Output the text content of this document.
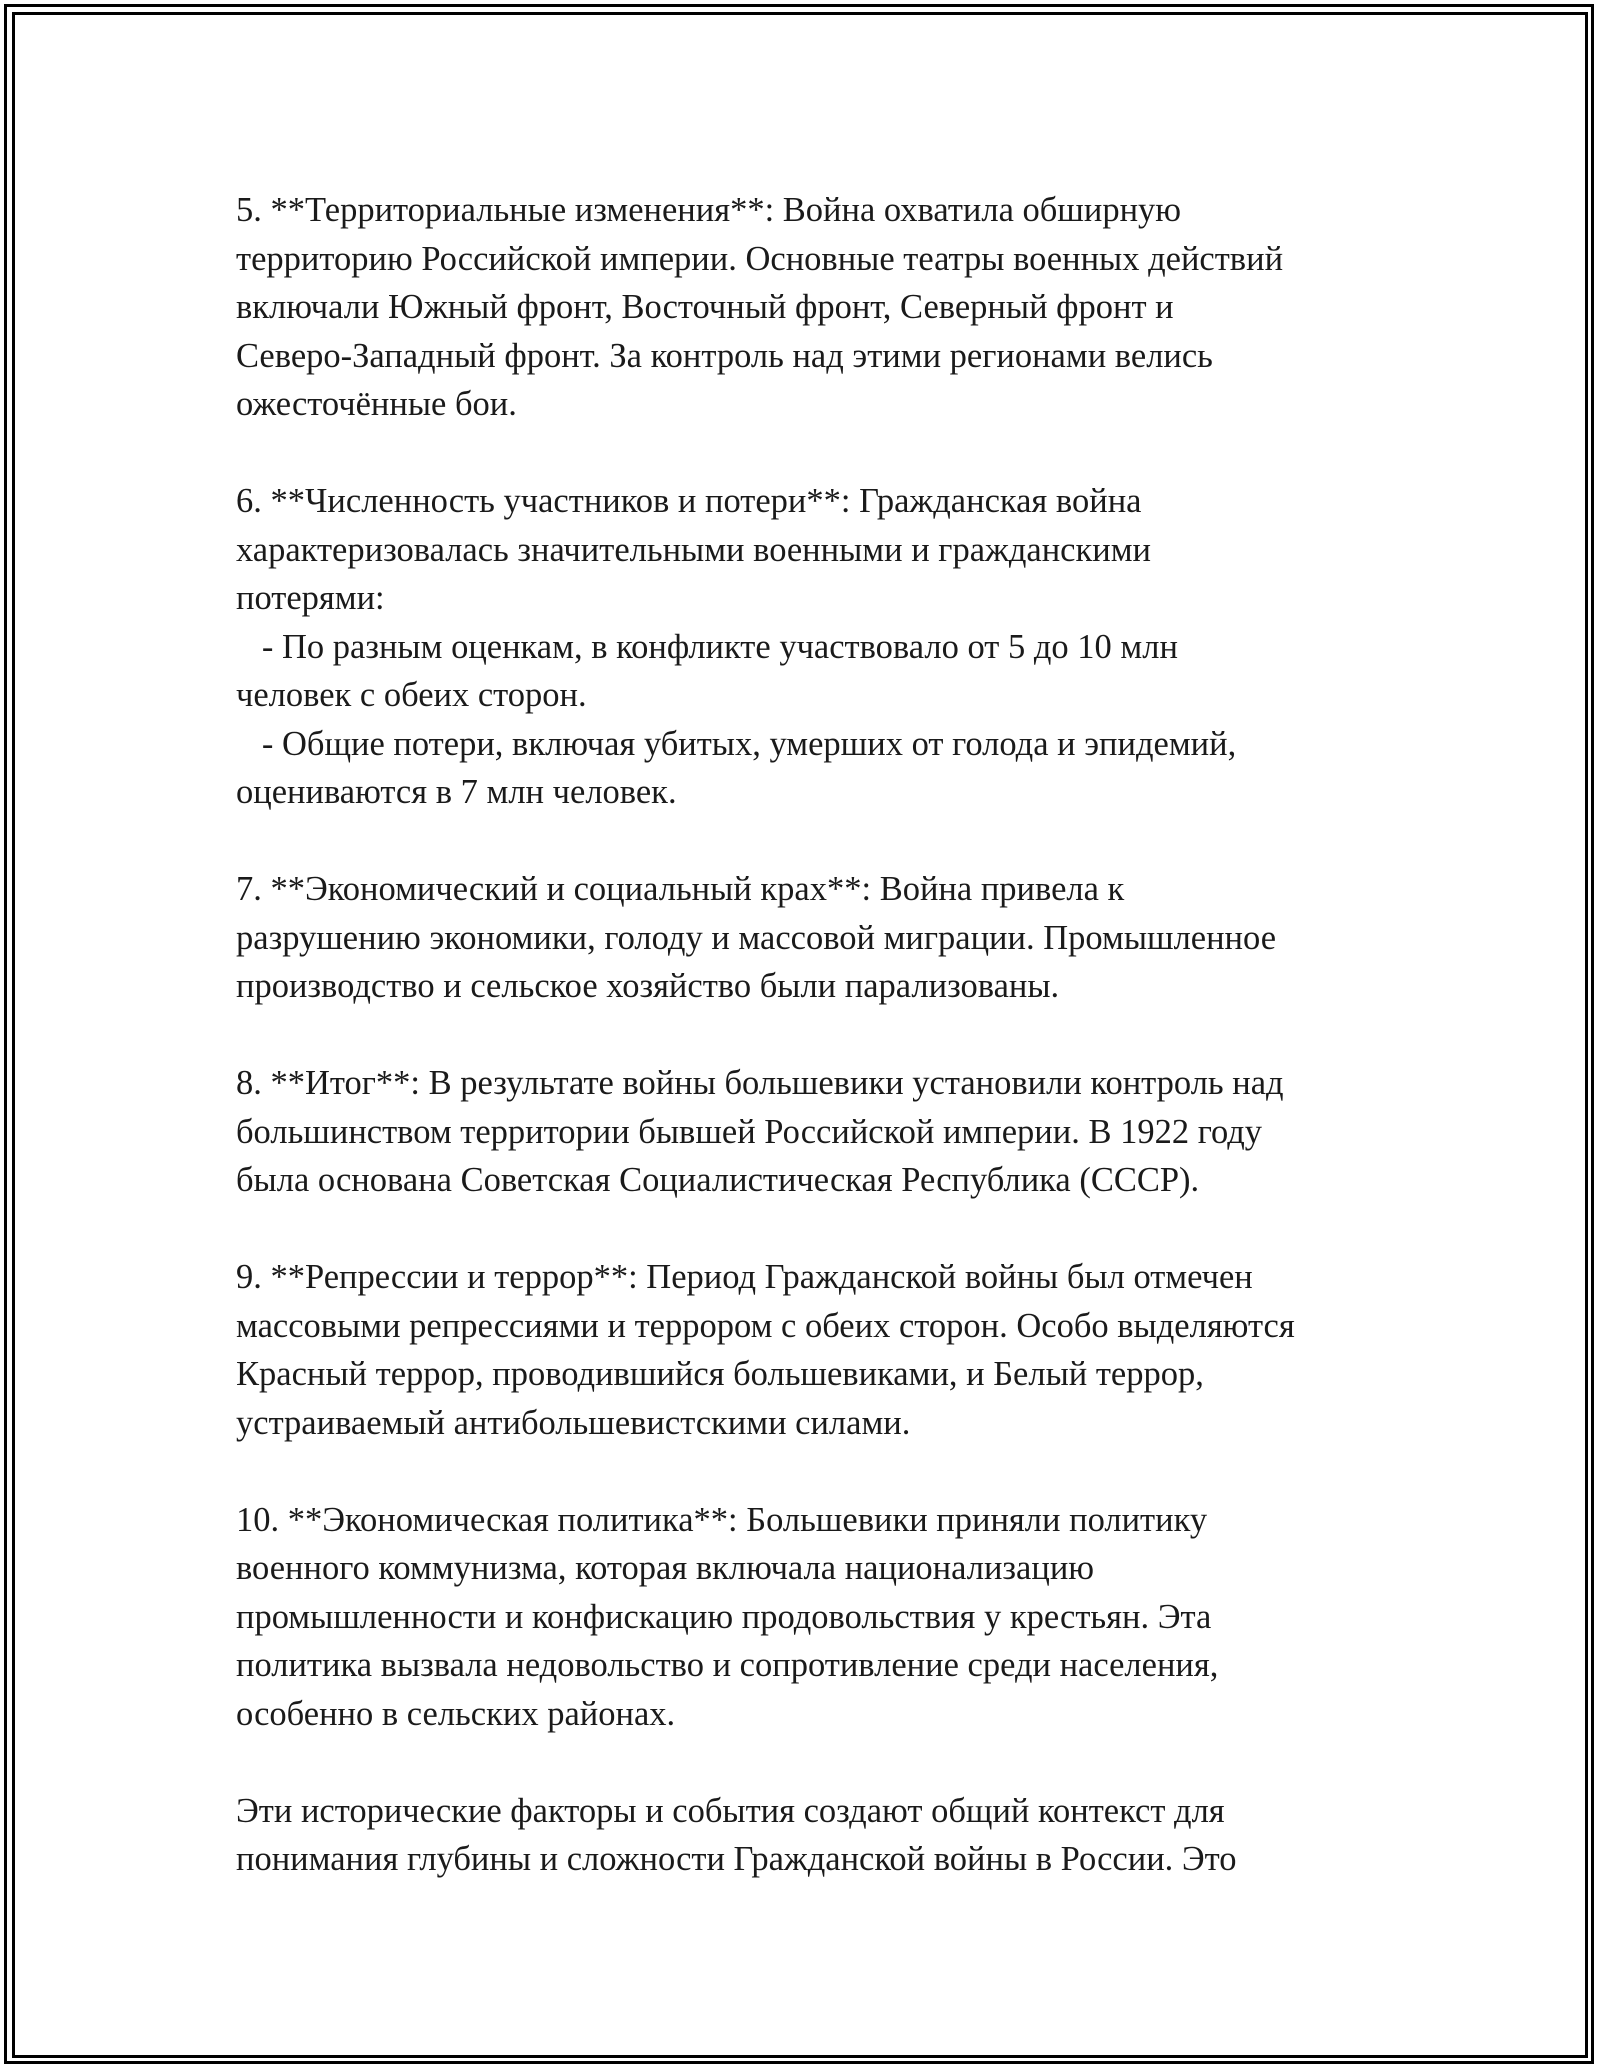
5. **Территориальные изменения**: Война охватила обширную
территорию Российской империи. Основные театры военных действий
включали Южный фронт, Восточный фронт, Северный фронт и
Северо-Западный фронт. За контроль над этими регионами велись
ожесточённые бои.
6. **Численность участников и потери**: Гражданская война
характеризовалась значительными военными и гражданскими
потерями:
- По разным оценкам, в конфликте участвовало от 5 до 10 млн
человек с обеих сторон.
- Общие потери, включая убитых, умерших от голода и эпидемий,
оцениваются в 7 млн человек.
7. **Экономический и социальный крах**: Война привела к
разрушению экономики, голоду и массовой миграции. Промышленное
производство и сельское хозяйство были парализованы.
8. **Итог**: В результате войны большевики установили контроль над
большинством территории бывшей Российской империи. В 1922 году
была основана Советская Социалистическая Республика (СССР).
9. **Репрессии и террор**: Период Гражданской войны был отмечен
массовыми репрессиями и террором с обеих сторон. Особо выделяются
Красный террор, проводившийся большевиками, и Белый террор,
устраиваемый антибольшевистскими силами.
10. **Экономическая политика**: Большевики приняли политику
военного коммунизма, которая включала национализацию
промышленности и конфискацию продовольствия у крестьян. Эта
политика вызвала недовольство и сопротивление среди населения,
особенно в сельских районах.
Эти исторические факторы и события создают общий контекст для
понимания глубины и сложности Гражданской войны в России. Это
